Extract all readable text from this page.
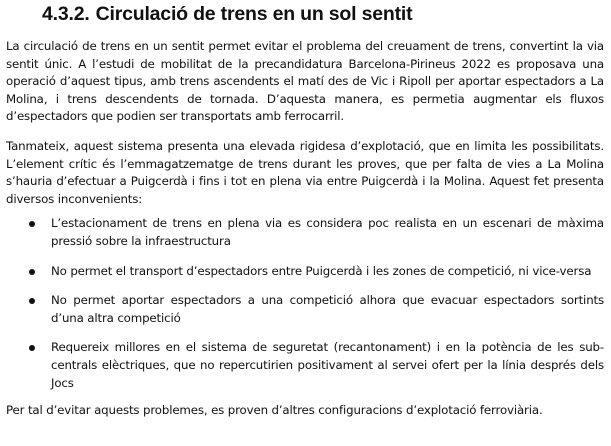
4.3.2. Circulació de trens en un sol sentit

La circulació de trens en un sentit permet evitar el problema del creuament de trens, convertint la via sentit únic. A l’estudi de mobilitat de la precandidatura Barcelona-Pirineus 2022 es proposava una operació d’aquest tipus, amb trens ascendents el matí des de Vic i Ripoll per aportar espectadors a La Molina, i trens descendents de tornada. D’aquesta manera, es permetia augmentar els fluxos d’espectadors que podien ser transportats amb ferrocarril.

Tanmateix, aquest sistema presenta una elevada rigidesa d’explotació, que en limita les possibilitats. L’element crític és l’emmagatzematge de trens durant les proves, que per falta de vies a La Molina s’hauria d’efectuar a Puigcerdà i fins i tot en plena via entre Puigcerdà i la Molina. Aquest fet presenta diversos inconvenients:

L’estacionament de trens en plena via es considera poc realista en un escenari de màxima pressió sobre la infraestructura
No permet el transport d’espectadors entre Puigcerdà i les zones de competició, ni vice-versa
No permet aportar espectadors a una competició alhora que evacuar espectadors sortints d’una altra competició
Requereix millores en el sistema de seguretat (recantonament) i en la potència de les sub-centrals elèctriques, que no repercutirien positivament al servei ofert per la línia després dels Jocs

Per tal d’evitar aquests problemes, es proven d’altres configuracions d’explotació ferroviària.
